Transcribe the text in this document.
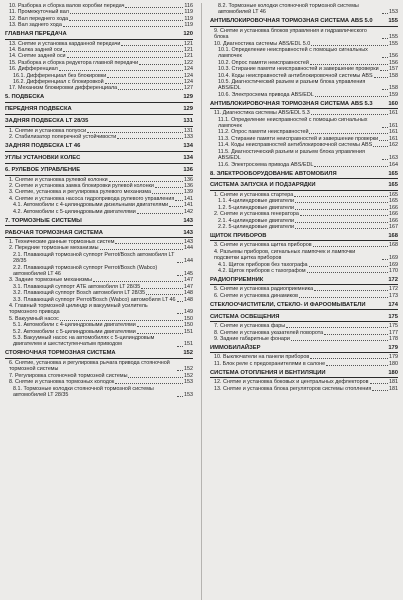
10. Разборка и сборка валов коробки передач	116
11. Промежуточный вал	119
12. Вал переднего хода	119
13. Вал заднего хода	119
ГЛАВНАЯ ПЕРЕДАЧА	120
13. Снятие и установка карданной передачи	121
14. Балка задней оси	121
14. Снятие задней оси	121
15. Разборка и сборка редуктора главной передачи	122
16. Дифференциал	124
16.1. Дифференциал без блокировки	124
16.2. Дифференциал с блокировкой	124
17. Механизм блокировки дифференциала	127
5. ПОДВЕСКА	129
ПЕРЕДНЯЯ ПОДВЕСКА	129
ЗАДНЯЯ ПОДВЕСКА LT 28/35	131
1. Снятие и установка полуоси	131
2. Стабилизатор поперечной устойчивости	133
ЗАДНЯЯ ПОДВЕСКА LT 46	134
УГЛЫ УСТАНОВКИ КОЛЕС	134
6. РУЛЕВОЕ УПРАВЛЕНИЕ	136
1. Снятие и установка рулевой колонки	136
2. Снятие и установка замка блокировки рулевой колонки	136
3. Снятие, установка и регулировка рулевого механизма	139
4. Снятие и установка насоса гидропривода рулевого управления 141
4.1. Автомобили с 4-цилиндровыми дизельными двигателями	141
4.2. Автомобили с 5-цилиндровыми двигателями	142
7. ТОРМОЗНЫЕ СИСТЕМЫ	143
РАБОЧАЯ ТОРМОЗНАЯ СИСТЕМА	143
1. Технические данные тормозных систем	143
2. Передние тормозные механизмы	144
2.1. Плавающий тормозной суппорт Perrot/Bosch автомобиля LT 28/35	144
2.2. Плавающий тормозной суппорт Perrot/Bosch (Wabco) автомобилей LT 46	145
3. Задние тормозные механизмы	147
3.1. Плавающий суппорт ATE автомобиля LT 28/35	147
3.2. Плавающий суппорт Bosch автомобиля LT 28/35	148
3.3. Плавающий суппорт Perrot/Bosch (Wabco) автомобиля LT 46 148
4. Главный тормозной цилиндр и вакуумный усилитель тормозного привода	149
5. Вакуумный насос	150
5.1. Автомобили с 4-цилиндровыми двигателями	150
5.2. Автомобили с 5-цилиндровыми двигателями	151
5.3. Вакуумный насос на автомобилях с 5-цилиндровым двигателем и шестиступенчатым приводом	151
СТОЯНОЧНАЯ ТОРМОЗНАЯ СИСТЕМА	152
6. Снятие, установка и регулировка рычага привода стояночной тормозной системы	152
7. Регулировка стояночной тормозной системы	152
8. Снятие и установка тормозных колодок	153
8.1. Тормозные колодки стояночной тормозной системы автомобилей LT 28/35	153
8.2. Тормозные колодки стояночной тормозной системы автомобилей LT 46	153
АНТИБЛОКИРОВОЧНАЯ ТОРМОЗНАЯ СИСТЕМА ABS 5.0	155
9. Снятие и установка блоков управления и гидравлического блока	155
10. Диагностика системы ABS/EDL 5.0	155
10.1. Определение неисправностей с помощью сигнальных лампочек	156
10.2. Опрос памяти неисправностей	156
10.3. Стирание памяти неисправностей и завершение проверки 157
10.4. Коды неисправностей антиблокировочной системы ABS	158
10.5. Диагностический разъем и разъем блока управления ABS/EDL	158
10.6. Электросхема привода ABS/EDL	159
АНТИБЛОКИРОВОЧНАЯ ТОРМОЗНАЯ СИСТЕМА ABS 5.3	160
11. Диагностика системы ABS/EDL 5.3	161
11.1. Определение неисправностей с помощью сигнальных лампочек	161
11.2. Опрос памяти неисправностей	161
11.3. Стирание памяти неисправностей и завершение проверки 161
11.4. Коды неисправностей антиблокировочной системы ABS	162
11.5. Диагностический разъем и разъем блока управления ABS/EDL	163
11.6. Электросхема привода ABS/EDL	164
8. ЭЛЕКТРООБОРУДОВАНИЕ АВТОМОБИЛЯ	165
СИСТЕМА ЗАПУСКА И ПОДЗАРЯДКИ	165
1. Снятие и установка стартера	165
1.1. 4-цилиндровые двигатели	165
1.2. 5-цилиндровые двигатели	166
2. Снятие и установка генератора	166
2.1. 4-цилиндровые двигатели	166
2.2. 5-цилиндровые двигатели	167
ЩИТОК ПРИБОРОВ	168
3. Снятие и установка щитка приборов	168
4. Разъемы приборов, сигнальных лампочек и лампочки подсветки щитка приборов	169
4.1. Щиток приборов без тахографа	169
4.2. Щиток приборов с тахографом	170
РАДИОПРИЕМНИК	172
5. Снятие и установка радиоприемника	172
6. Снятие и установка динамиков	173
СТЕКЛООЧИСТИТЕЛИ, СТЕКЛО- И ФАРООМЫВАТЕЛИ	174
СИСТЕМА ОСВЕЩЕНИЯ	175
7. Снятие и установка фары	175
8. Снятие и установка указателей поворота	177
9. Задние габаритные фонари	178
ИММОБИЛАЙЗЕР	179
10. Выключатели на панели приборов	179
11. Блок реле с предохранителями в салоне	180
СИСТЕМА ОТОПЛЕНИЯ И ВЕНТИЛЯЦИИ	180
12. Снятие и установка боковых и центральных дефлекторов	181
13. Снятие и установка блока регуляторов системы отопления	181
